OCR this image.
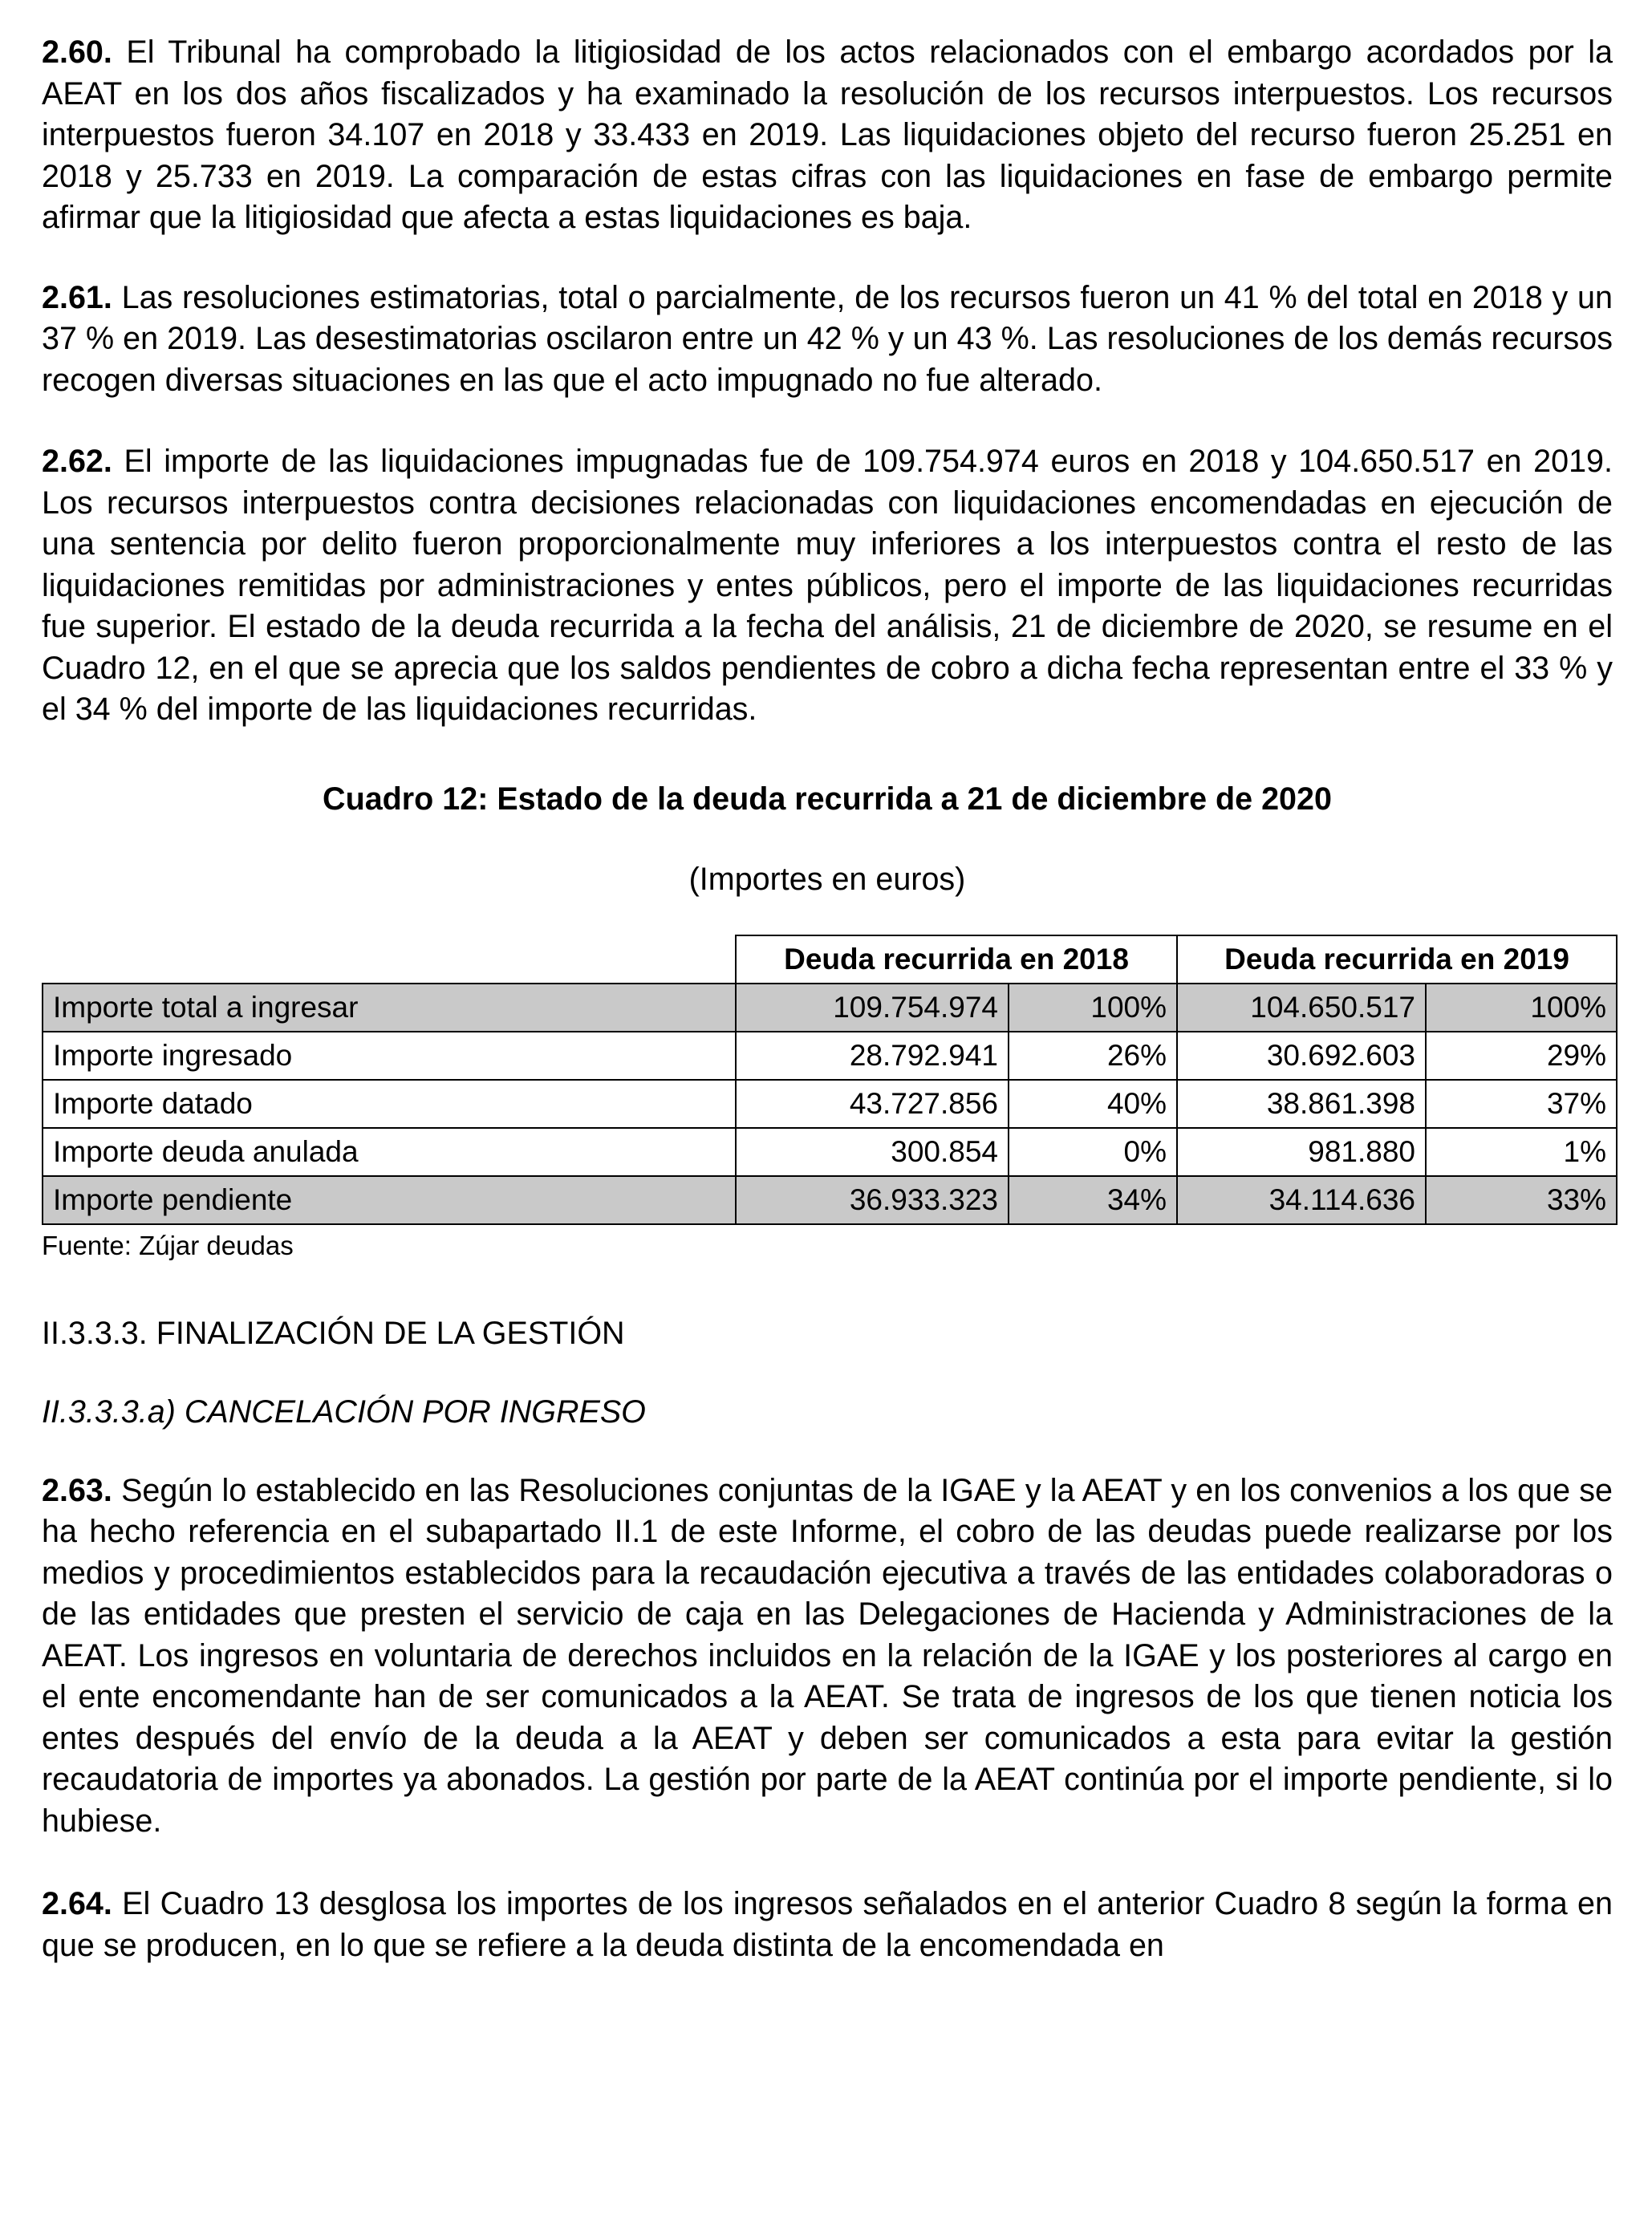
2.60. El Tribunal ha comprobado la litigiosidad de los actos relacionados con el embargo acordados por la AEAT en los dos años fiscalizados y ha examinado la resolución de los recursos interpuestos. Los recursos interpuestos fueron 34.107 en 2018 y 33.433 en 2019. Las liquidaciones objeto del recurso fueron 25.251 en 2018 y 25.733 en 2019. La comparación de estas cifras con las liquidaciones en fase de embargo permite afirmar que la litigiosidad que afecta a estas liquidaciones es baja.

2.61. Las resoluciones estimatorias, total o parcialmente, de los recursos fueron un 41 % del total en 2018 y un 37 % en 2019. Las desestimatorias oscilaron entre un 42 % y un 43 %. Las resoluciones de los demás recursos recogen diversas situaciones en las que el acto impugnado no fue alterado.

2.62. El importe de las liquidaciones impugnadas fue de 109.754.974 euros en 2018 y 104.650.517 en 2019. Los recursos interpuestos contra decisiones relacionadas con liquidaciones encomendadas en ejecución de una sentencia por delito fueron proporcionalmente muy inferiores a los interpuestos contra el resto de las liquidaciones remitidas por administraciones y entes públicos, pero el importe de las liquidaciones recurridas fue superior. El estado de la deuda recurrida a la fecha del análisis, 21 de diciembre de 2020, se resume en el Cuadro 12, en el que se aprecia que los saldos pendientes de cobro a dicha fecha representan entre el 33 % y el 34 % del importe de las liquidaciones recurridas.

Cuadro 12: Estado de la deuda recurrida a 21 de diciembre de 2020
(Importes en euros)
	Deuda recurrida en 2018		Deuda recurrida en 2019	
Importe total a ingresar	109.754.974	100%	104.650.517	100%
Importe ingresado	28.792.941	26%	30.692.603	29%
Importe datado	43.727.856	40%	38.861.398	37%
Importe deuda anulada	300.854	0%	981.880	1%
Importe pendiente	36.933.323	34%	34.114.636	33%
Fuente: Zújar deudas
II.3.3.3. FINALIZACIÓN DE LA GESTIÓN
II.3.3.3.a) CANCELACIÓN POR INGRESO

2.63. Según lo establecido en las Resoluciones conjuntas de la IGAE y la AEAT y en los convenios a los que se ha hecho referencia en el subapartado II.1 de este Informe, el cobro de las deudas puede realizarse por los medios y procedimientos establecidos para la recaudación ejecutiva a través de las entidades colaboradoras o de las entidades que presten el servicio de caja en las Delegaciones de Hacienda y Administraciones de la AEAT. Los ingresos en voluntaria de derechos incluidos en la relación de la IGAE y los posteriores al cargo en el ente encomendante han de ser comunicados a la AEAT. Se trata de ingresos de los que tienen noticia los entes después del envío de la deuda a la AEAT y deben ser comunicados a esta para evitar la gestión recaudatoria de importes ya abonados. La gestión por parte de la AEAT continúa por el importe pendiente, si lo hubiese.

2.64. El Cuadro 13 desglosa los importes de los ingresos señalados en el anterior Cuadro 8 según la forma en que se producen, en lo que se refiere a la deuda distinta de la encomendada en
